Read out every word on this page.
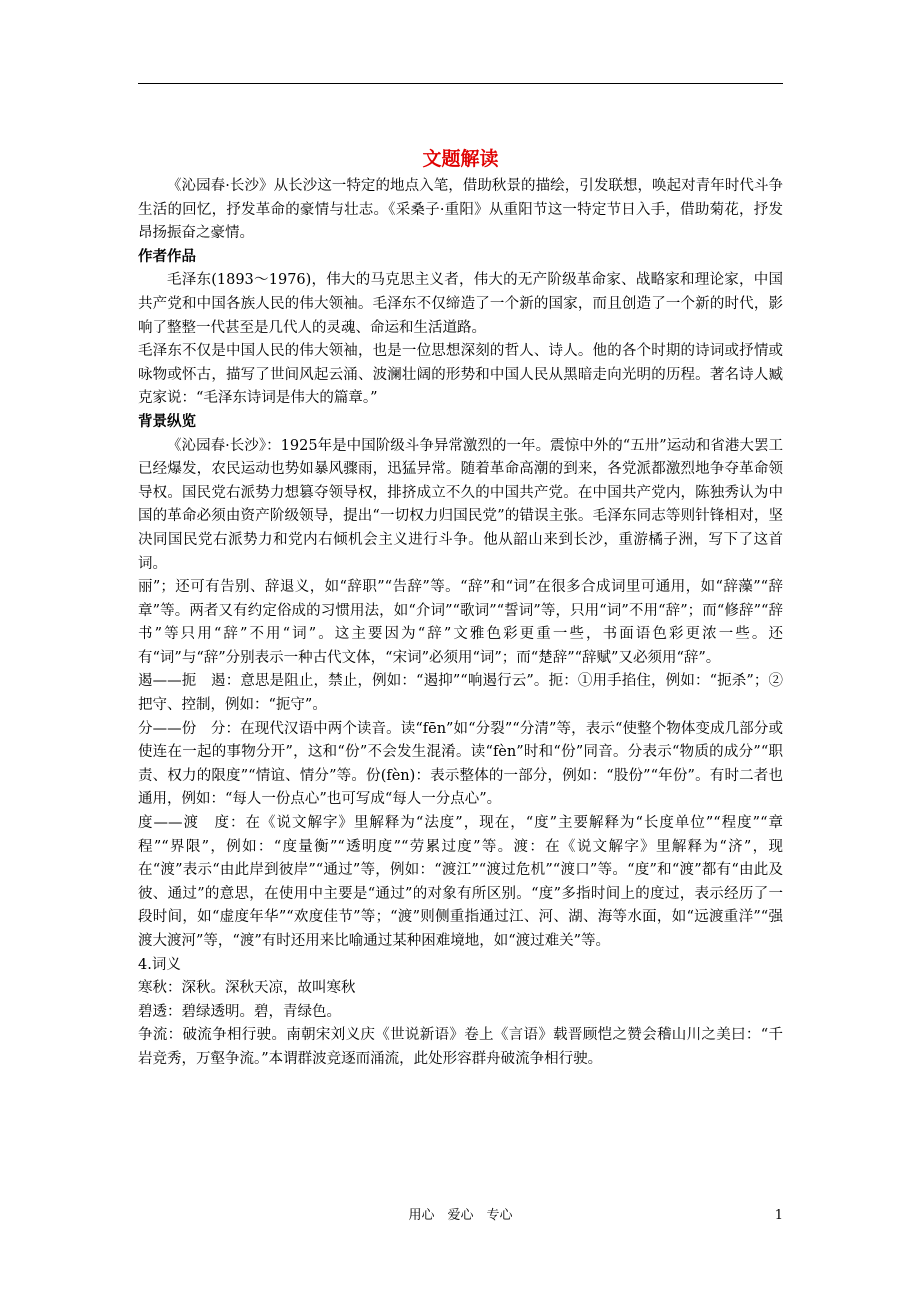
文题解读

《沁园春·长沙》从长沙这一特定的地点入笔，借助秋景的描绘，引发联想，唤起对青年时代斗争生活的回忆，抒发革命的豪情与壮志。《采桑子·重阳》从重阳节这一特定节日入手，借助菊花，抒发昂扬振奋之豪情。

作者作品

毛泽东(1893～1976)，伟大的马克思主义者，伟大的无产阶级革命家、战略家和理论家，中国共产党和中国各族人民的伟大领袖。毛泽东不仅缔造了一个新的国家，而且创造了一个新的时代，影响了整整一代甚至是几代人的灵魂、命运和生活道路。

毛泽东不仅是中国人民的伟大领袖，也是一位思想深刻的哲人、诗人。他的各个时期的诗词或抒情或咏物或怀古，描写了世间风起云涌、波澜壮阔的形势和中国人民从黑暗走向光明的历程。著名诗人臧克家说：“毛泽东诗词是伟大的篇章。”

背景纵览

《沁园春·长沙》：1925年是中国阶级斗争异常激烈的一年。震惊中外的“五卅”运动和省港大罢工已经爆发，农民运动也势如暴风骤雨，迅猛异常。随着革命高潮的到来，各党派都激烈地争夺革命领导权。国民党右派势力想篡夺领导权，排挤成立不久的中国共产党。在中国共产党内，陈独秀认为中国的革命必须由资产阶级领导，提出“一切权力归国民党”的错误主张。毛泽东同志等则针锋相对，坚决同国民党右派势力和党内右倾机会主义进行斗争。他从韶山来到长沙，重游橘子洲，写下了这首词。

丽”；还可有告别、辞退义，如“辞职”“告辞”等。“辞”和“词”在很多合成词里可通用，如“辞藻”“辞章”等。两者又有约定俗成的习惯用法，如“介词”“歌词”“誓词”等，只用“词”不用“辞”；而“修辞”“辞书”等只用“辞”不用“词”。这主要因为“辞”文雅色彩更重一些，书面语色彩更浓一些。还有“词”与“辞”分别表示一种古代文体，“宋词”必须用“词”；而“楚辞”“辞赋”又必须用“辞”。

遏——扼　遏：意思是阻止，禁止，例如：“遏抑”“响遏行云”。扼：①用手掐住，例如：“扼杀”；②把守、控制，例如：“扼守”。

分——份　分：在现代汉语中两个读音。读“fēn”如“分裂”“分清”等，表示“使整个物体变成几部分或使连在一起的事物分开”，这和“份”不会发生混淆。读“fèn”时和“份”同音。分表示“物质的成分”“职责、权力的限度”“情谊、情分”等。份(fèn)：表示整体的一部分，例如：“股份”“年份”。有时二者也通用，例如：“每人一份点心”也可写成“每人一分点心”。

度——渡　度：在《说文解字》里解释为“法度”，现在，“度”主要解释为“长度单位”“程度”“章程”“界限”，例如：“度量衡”“透明度”“劳累过度”等。渡：在《说文解字》里解释为“济”，现在“渡”表示“由此岸到彼岸”“通过”等，例如：“渡江”“渡过危机”“渡口”等。“度”和“渡”都有“由此及彼、通过”的意思，在使用中主要是“通过”的对象有所区别。“度”多指时间上的度过，表示经历了一段时间，如“虚度年华”“欢度佳节”等；“渡”则侧重指通过江、河、湖、海等水面，如“远渡重洋”“强渡大渡河”等，“渡”有时还用来比喻通过某种困难境地，如“渡过难关”等。

4.词义

寒秋：深秋。深秋天凉，故叫寒秋

碧透：碧绿透明。碧，青绿色。

争流：破流争相行驶。南朝宋刘义庆《世说新语》卷上《言语》载晋顾恺之赞会稽山川之美曰：“千岩竞秀，万壑争流。”本谓群波竞逐而涌流，此处形容群舟破流争相行驶。

用心　爱心　专心	1
